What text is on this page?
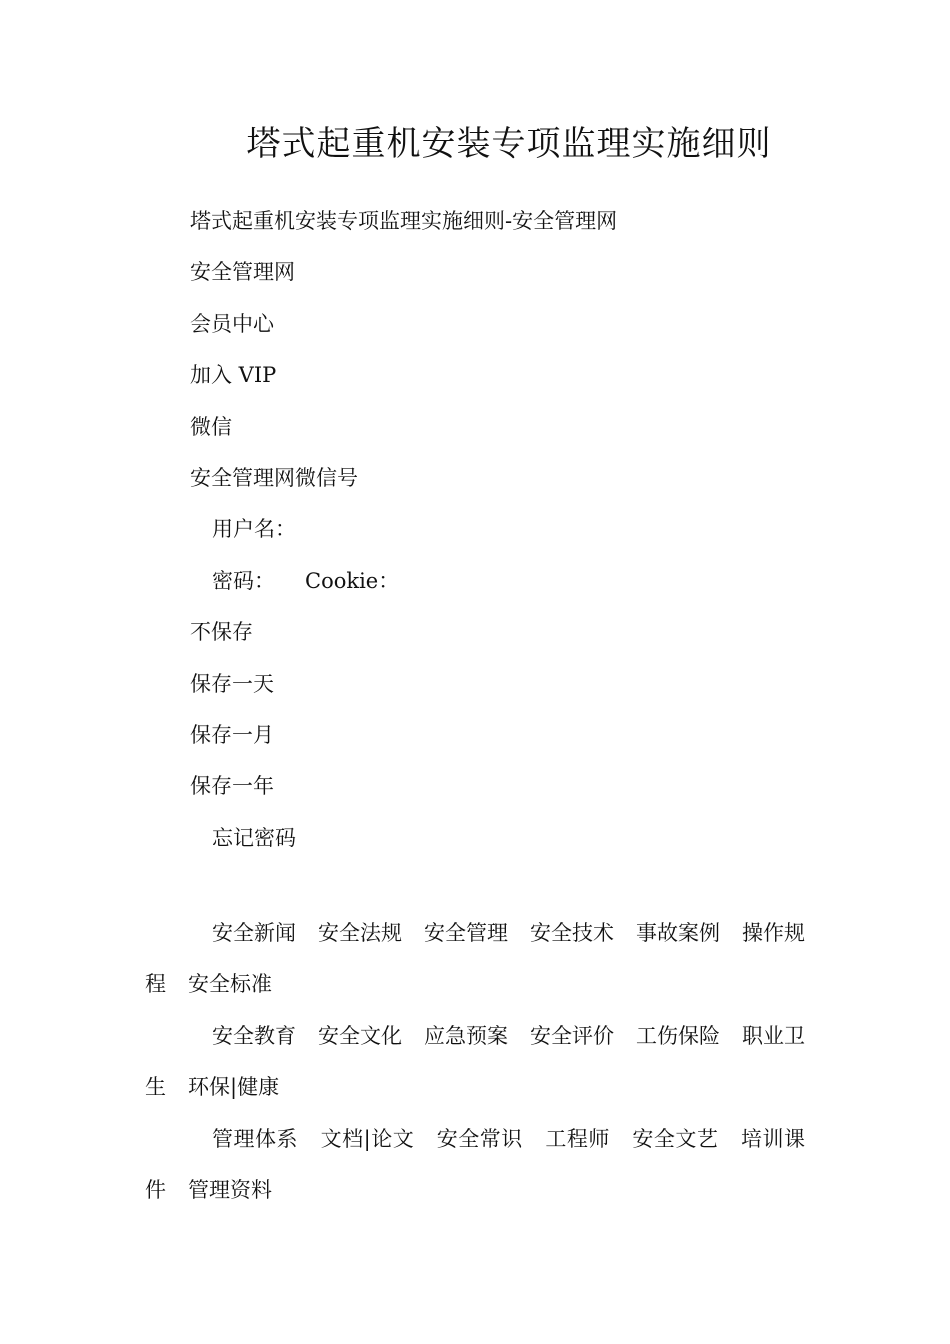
塔式起重机安装专项监理实施细则
塔式起重机安装专项监理实施细则-安全管理网
安全管理网
会员中心
加入 VIP
微信
安全管理网微信号
用户名：
密码： Cookie：
不保存
保存一天
保存一月
保存一年
忘记密码
安全新闻 安全法规 安全管理 安全技术 事故案例 操作规程 安全标准
安全教育 安全文化 应急预案 安全评价 工伤保险 职业卫生 环保|健康
管理体系 文档|论文 安全常识 工程师 安全文艺 培训课件 管理资料
